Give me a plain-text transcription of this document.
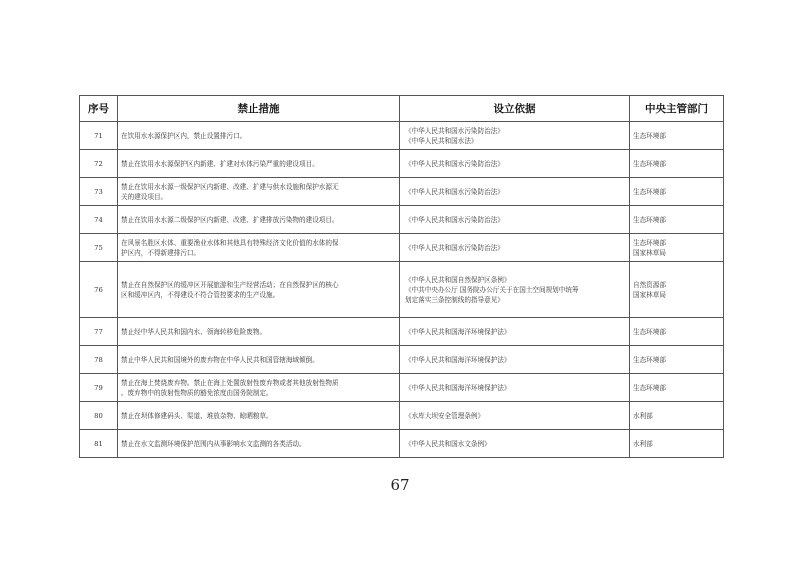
序号	禁止措施	设立依据	中央主管部门
71	在饮用水水源保护区内，禁止设置排污口。	《中华人民共和国水污染防治法》
《中华人民共和国水法》	生态环境部

72	禁止在饮用水水源保护区内新建、扩建对水体污染严重的建设项目。	《中华人民共和国水污染防治法》	生态环境部

73	禁止在饮用水水源一级保护区内新建、改建、扩建与供水设施和保护水源无
关的建设项目。	《中华人民共和国水污染防治法》	生态环境部

74	禁止在饮用水水源二级保护区内新建、改建、扩建排放污染物的建设项目。	《中华人民共和国水污染防治法》	生态环境部

75	在风景名胜区水体、重要渔业水体和其他具有特殊经济文化价值的水体的保
护区内，不得新建排污口。	《中华人民共和国水污染防治法》	生态环境部
国家林草局

76	禁止在自然保护区的缓冲区开展旅游和生产经营活动；在自然保护区的核心
区和缓冲区内，不得建设不符合管控要求的生产设施。	《中华人民共和国自然保护区条例》
《中共中央办公厅 国务院办公厅关于在国土空间规划中统筹
划定落实三条控制线的指导意见》	自然资源部
国家林草局

77	禁止经中华人民共和国内水、领海转移危险废物。	《中华人民共和国海洋环境保护法》	生态环境部

78	禁止中华人民共和国境外的废弃物在中华人民共和国管辖海域倾倒。	《中华人民共和国海洋环境保护法》	生态环境部

79	禁止在海上焚烧废弃物。禁止在海上处置放射性废弃物或者其他放射性物质
。废弃物中的放射性物质的豁免浓度由国务院制定。	《中华人民共和国海洋环境保护法》	生态环境部

80	禁止在坝体修建码头、渠道、堆放杂物、晾晒粮草。	《水库大坝安全管理条例》	水利部

81	禁止在水文监测环境保护范围内从事影响水文监测的各类活动。	《中华人民共和国水文条例》	水利部
67
